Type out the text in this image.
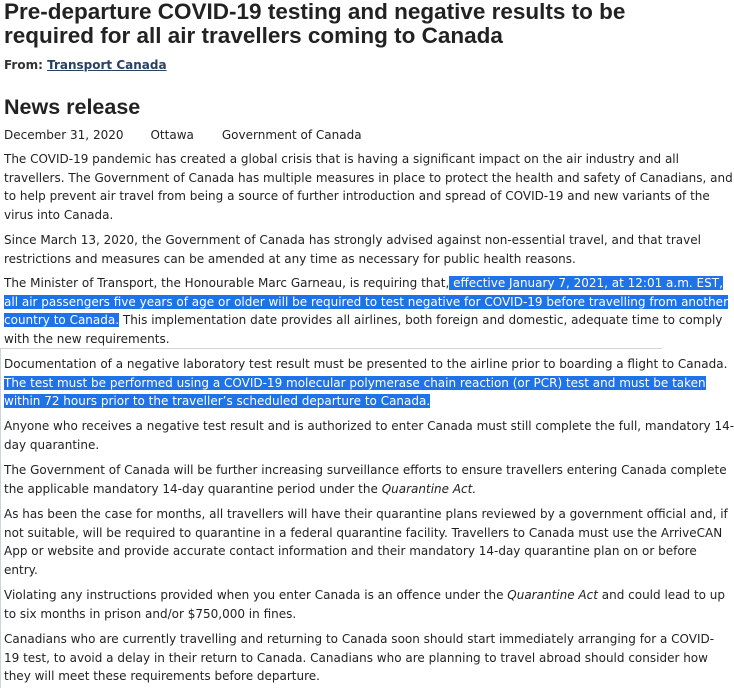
Pre-departure COVID-19 testing and negative results to be
required for all air travellers coming to Canada
From: Transport Canada
News release
December 31, 2020 Ottawa Government of Canada

The COVID-19 pandemic has created a global crisis that is having a significant impact on the air industry and all
travellers. The Government of Canada has multiple measures in place to protect the health and safety of Canadians, and
to help prevent air travel from being a source of further introduction and spread of COVID-19 and new variants of the
virus into Canada.

Since March 13, 2020, the Government of Canada has strongly advised against non-essential travel, and that travel
restrictions and measures can be amended at any time as necessary for public health reasons.

The Minister of Transport, the Honourable Marc Garneau, is requiring that, effective January 7, 2021, at 12:01 a.m. EST,
all air passengers five years of age or older will be required to test negative for COVID-19 before travelling from another
country to Canada. This implementation date provides all airlines, both foreign and domestic, adequate time to comply
with the new requirements.

Documentation of a negative laboratory test result must be presented to the airline prior to boarding a flight to Canada.
The test must be performed using a COVID-19 molecular polymerase chain reaction (or PCR) test and must be taken
within 72 hours prior to the traveller’s scheduled departure to Canada.

Anyone who receives a negative test result and is authorized to enter Canada must still complete the full, mandatory 14-
day quarantine.

The Government of Canada will be further increasing surveillance efforts to ensure travellers entering Canada complete
the applicable mandatory 14-day quarantine period under the Quarantine Act.

As has been the case for months, all travellers will have their quarantine plans reviewed by a government official and, if
not suitable, will be required to quarantine in a federal quarantine facility. Travellers to Canada must use the ArriveCAN
App or website and provide accurate contact information and their mandatory 14-day quarantine plan on or before
entry.

Violating any instructions provided when you enter Canada is an offence under the Quarantine Act and could lead to up
to six months in prison and/or $750,000 in fines.

Canadians who are currently travelling and returning to Canada soon should start immediately arranging for a COVID-
19 test, to avoid a delay in their return to Canada. Canadians who are planning to travel abroad should consider how
they will meet these requirements before departure.
